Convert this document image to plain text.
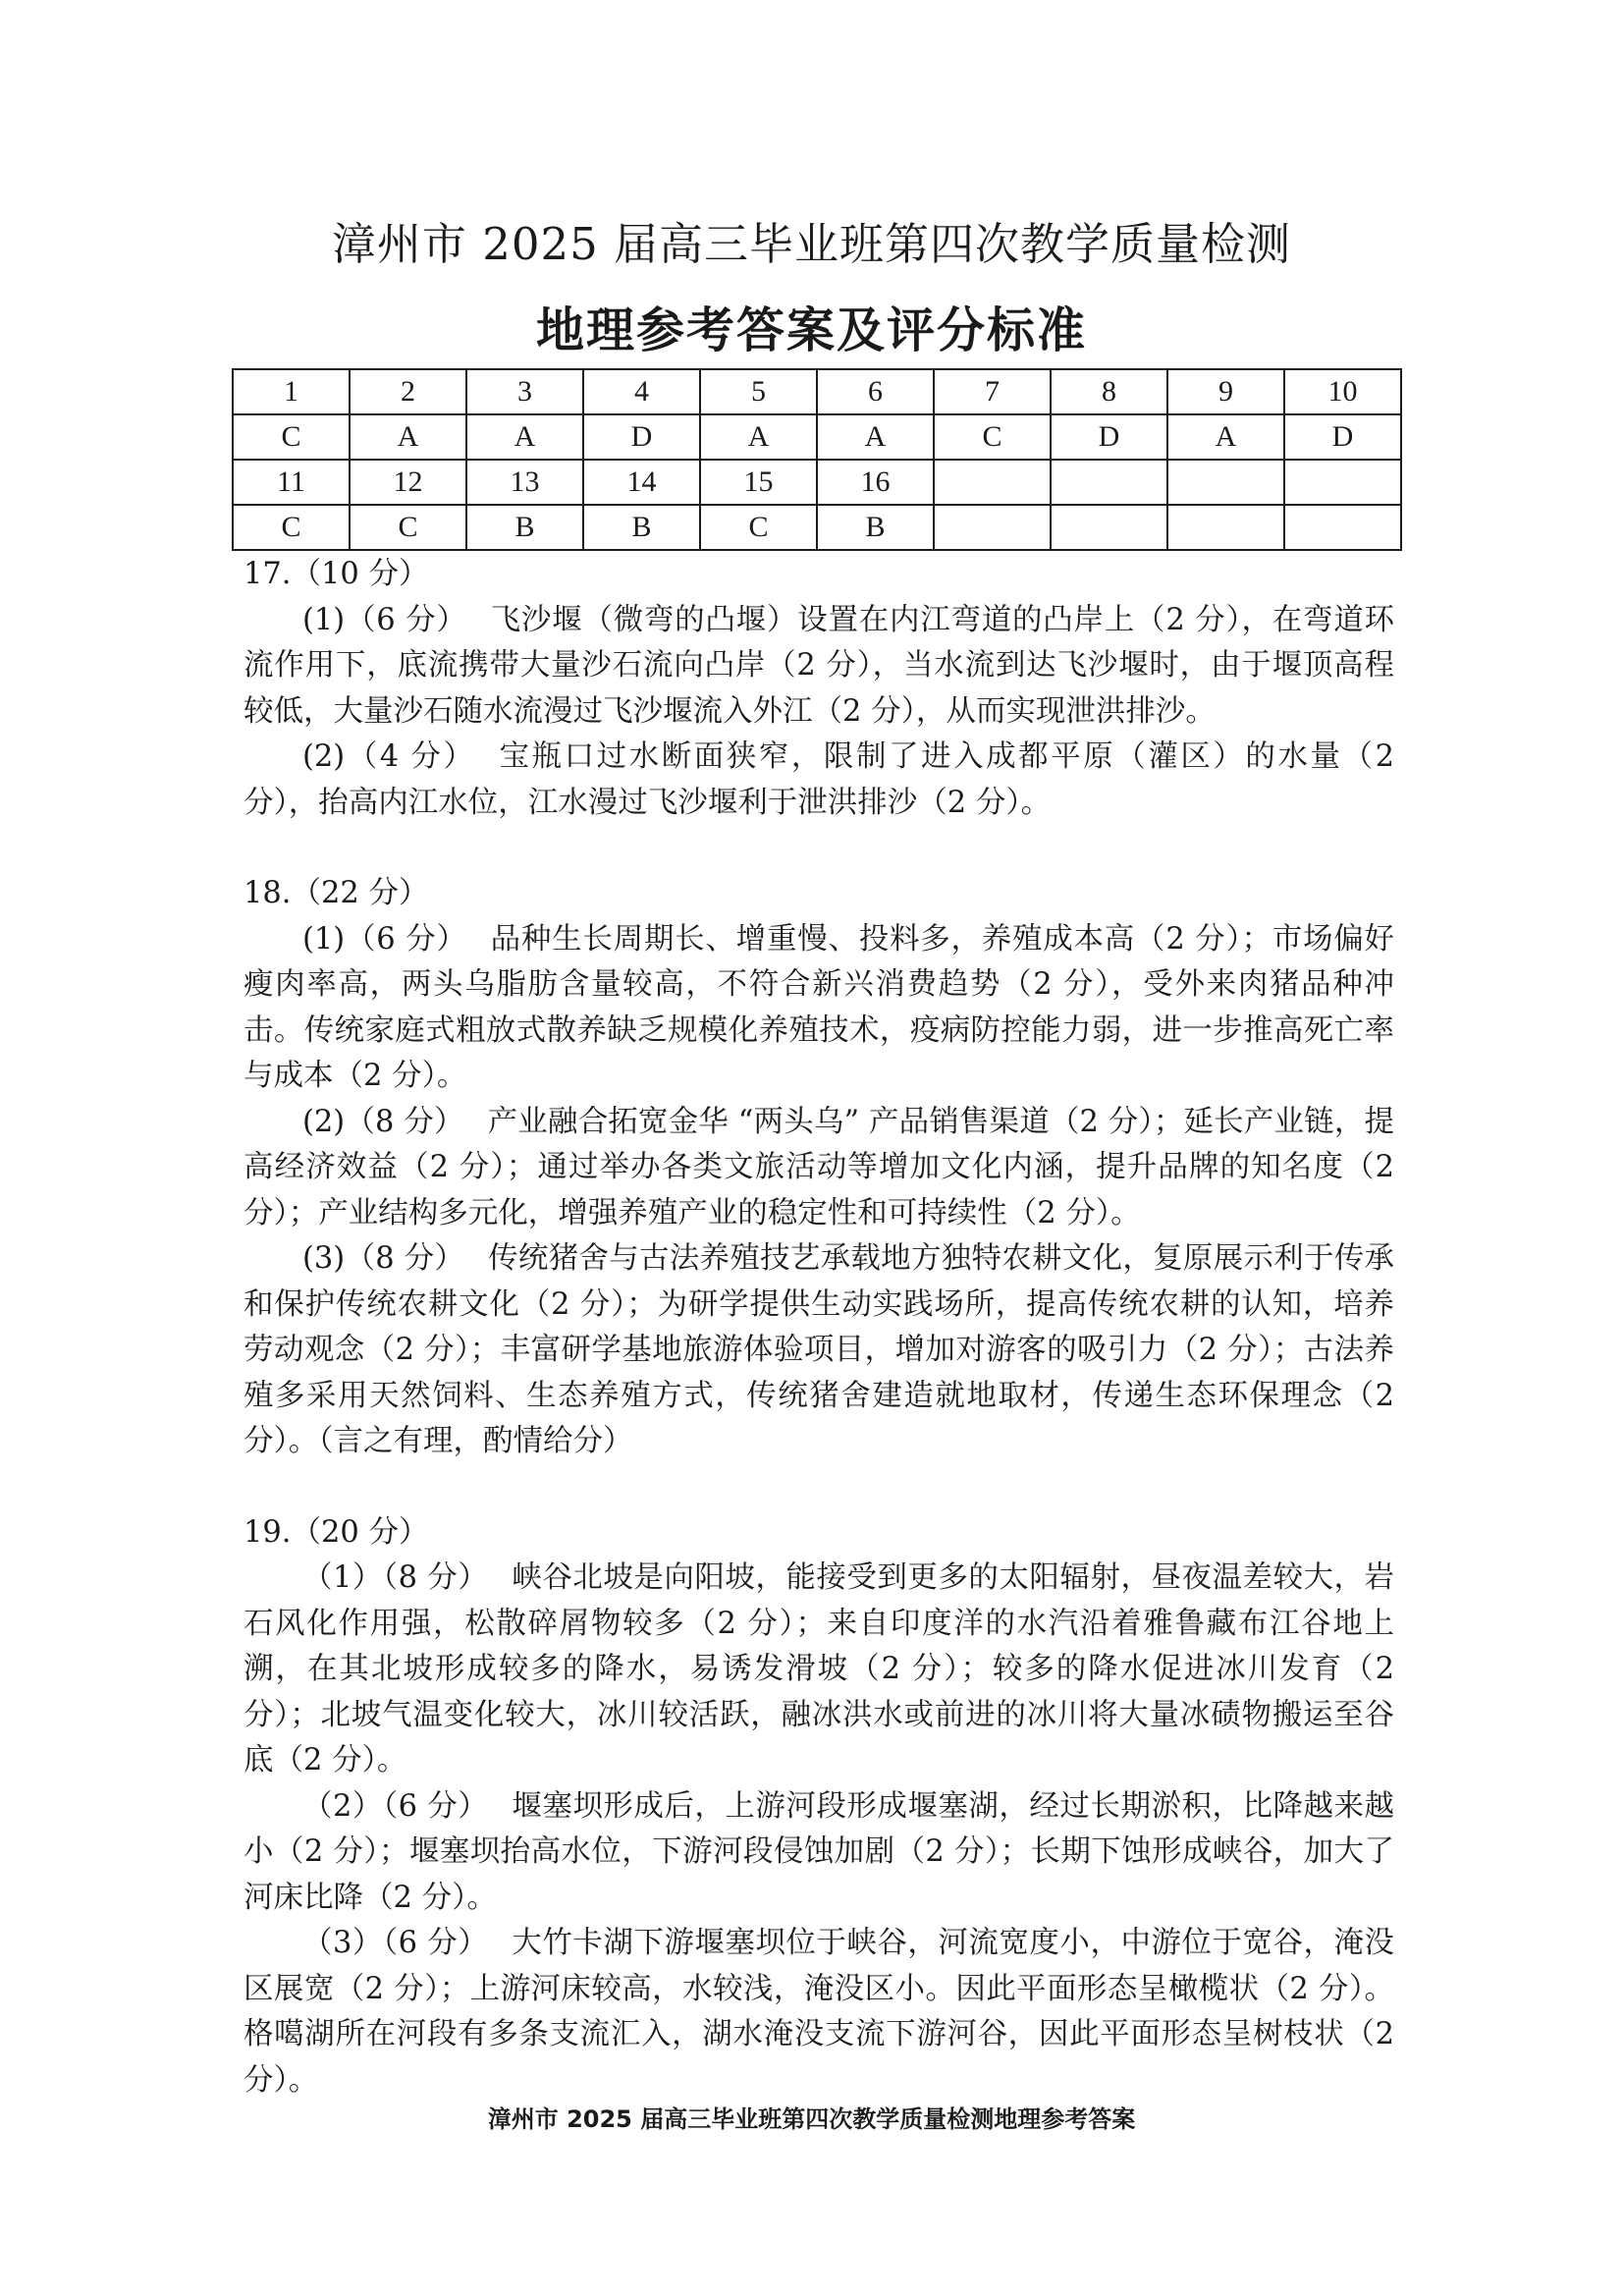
漳州市 2025 届高三毕业班第四次教学质量检测
地理参考答案及评分标准
1	2	3	4	5	6	7	8	9	10
C	A	A	D	A	A	C	D	A	D
11	12	13	14	15	16				
C	C	B	B	C	B				

17.（10 分）

(1)（6 分） 飞沙堰（微弯的凸堰）设置在内江弯道的凸岸上（2 分），在弯道环流作用下，底流携带大量沙石流向凸岸（2 分），当水流到达飞沙堰时，由于堰顶高程较低，大量沙石随水流漫过飞沙堰流入外江（2 分），从而实现泄洪排沙。

(2)（4 分） 宝瓶口过水断面狭窄，限制了进入成都平原（灌区）的水量（2 分），抬高内江水位，江水漫过飞沙堰利于泄洪排沙（2 分）。

18.（22 分）

(1)（6 分） 品种生长周期长、增重慢、投料多，养殖成本高（2 分）；市场偏好瘦肉率高，两头乌脂肪含量较高，不符合新兴消费趋势（2 分），受外来肉猪品种冲击。传统家庭式粗放式散养缺乏规模化养殖技术，疫病防控能力弱，进一步推高死亡率与成本（2 分）。

(2)（8 分） 产业融合拓宽金华 “两头乌” 产品销售渠道（2 分）；延长产业链，提高经济效益（2 分）；通过举办各类文旅活动等增加文化内涵，提升品牌的知名度（2 分）；产业结构多元化，增强养殖产业的稳定性和可持续性（2 分）。

(3)（8 分） 传统猪舍与古法养殖技艺承载地方独特农耕文化，复原展示利于传承和保护传统农耕文化（2 分）；为研学提供生动实践场所，提高传统农耕的认知，培养劳动观念（2 分）；丰富研学基地旅游体验项目，增加对游客的吸引力（2 分）；古法养殖多采用天然饲料、生态养殖方式，传统猪舍建造就地取材，传递生态环保理念（2 分）。（言之有理，酌情给分）

19.（20 分）

（1）（8 分） 峡谷北坡是向阳坡，能接受到更多的太阳辐射，昼夜温差较大，岩石风化作用强，松散碎屑物较多（2 分）；来自印度洋的水汽沿着雅鲁藏布江谷地上溯，在其北坡形成较多的降水，易诱发滑坡（2 分）；较多的降水促进冰川发育（2 分）；北坡气温变化较大，冰川较活跃，融冰洪水或前进的冰川将大量冰碛物搬运至谷底（2 分）。

（2）（6 分） 堰塞坝形成后，上游河段形成堰塞湖，经过长期淤积，比降越来越小（2 分）；堰塞坝抬高水位，下游河段侵蚀加剧（2 分）；长期下蚀形成峡谷，加大了河床比降（2 分）。

（3）（6 分） 大竹卡湖下游堰塞坝位于峡谷，河流宽度小，中游位于宽谷，淹没区展宽（2 分）；上游河床较高，水较浅，淹没区小。因此平面形态呈橄榄状（2 分）。格噶湖所在河段有多条支流汇入，湖水淹没支流下游河谷，因此平面形态呈树枝状（2 分）。

漳州市 2025 届高三毕业班第四次教学质量检测地理参考答案
